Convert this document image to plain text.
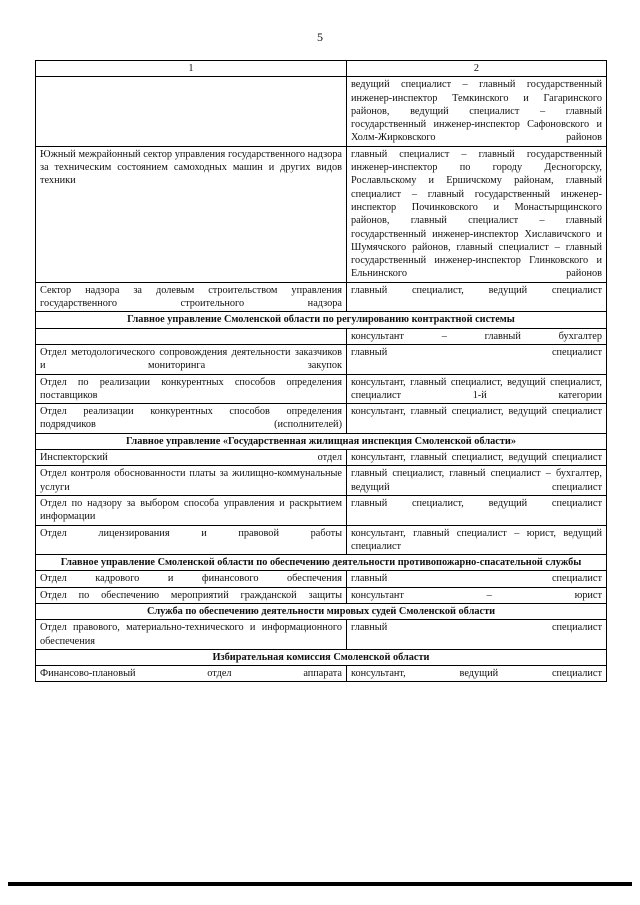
5
1	2
	ведущий специалист – главный государственный инженер-инспектор Темкинского и Гагаринского районов, ведущий специалист – главный государственный инженер-инспектор Сафоновского и Холм-Жирковского районов
Южный межрайонный сектор управления государственного надзора за техническим состоянием самоходных машин и других видов техники	главный специалист – главный государственный инженер-инспектор по городу Десногорску, Рославльскому и Ершичскому районам, главный специалист – главный государственный инженер-инспектор Починковского и Монастырщинского районов, главный специалист – главный государственный инженер-инспектор Хиславичского и Шумячского районов, главный специалист – главный государственный инженер-инспектор Глинковского и Ельнинского районов
Сектор надзора за долевым строительством управления государственного строительного надзора	главный специалист, ведущий специалист
Главное управление Смоленской области по регулированию контрактной системы	
	консультант – главный бухгалтер
Отдел методологического сопровождения деятельности заказчиков и мониторинга закупок	главный специалист
Отдел по реализации конкурентных способов определения поставщиков	консультант, главный специалист, ведущий специалист, специалист 1-й категории
Отдел реализации конкурентных способов определения подрядчиков (исполнителей)	консультант, главный специалист, ведущий специалист
Главное управление «Государственная жилищная инспекция Смоленской области»	
Инспекторский отдел	консультант, главный специалист, ведущий специалист
Отдел контроля обоснованности платы за жилищно-коммунальные услуги	главный специалист, главный специалист – бухгалтер, ведущий специалист
Отдел по надзору за выбором способа управления и раскрытием информации	главный специалист, ведущий специалист
Отдел лицензирования и правовой работы	консультант, главный специалист – юрист, ведущий специалист
Главное управление Смоленской области по обеспечению деятельности противопожарно-спасательной службы	
Отдел кадрового и финансового обеспечения	главный специалист
Отдел по обеспечению мероприятий гражданской защиты	консультант – юрист
Служба по обеспечению деятельности мировых судей Смоленской области	
Отдел правового, материально-технического и информационного обеспечения	главный специалист
Избирательная комиссия Смоленской области	
Финансово-плановый отдел аппарата	консультант, ведущий специалист
